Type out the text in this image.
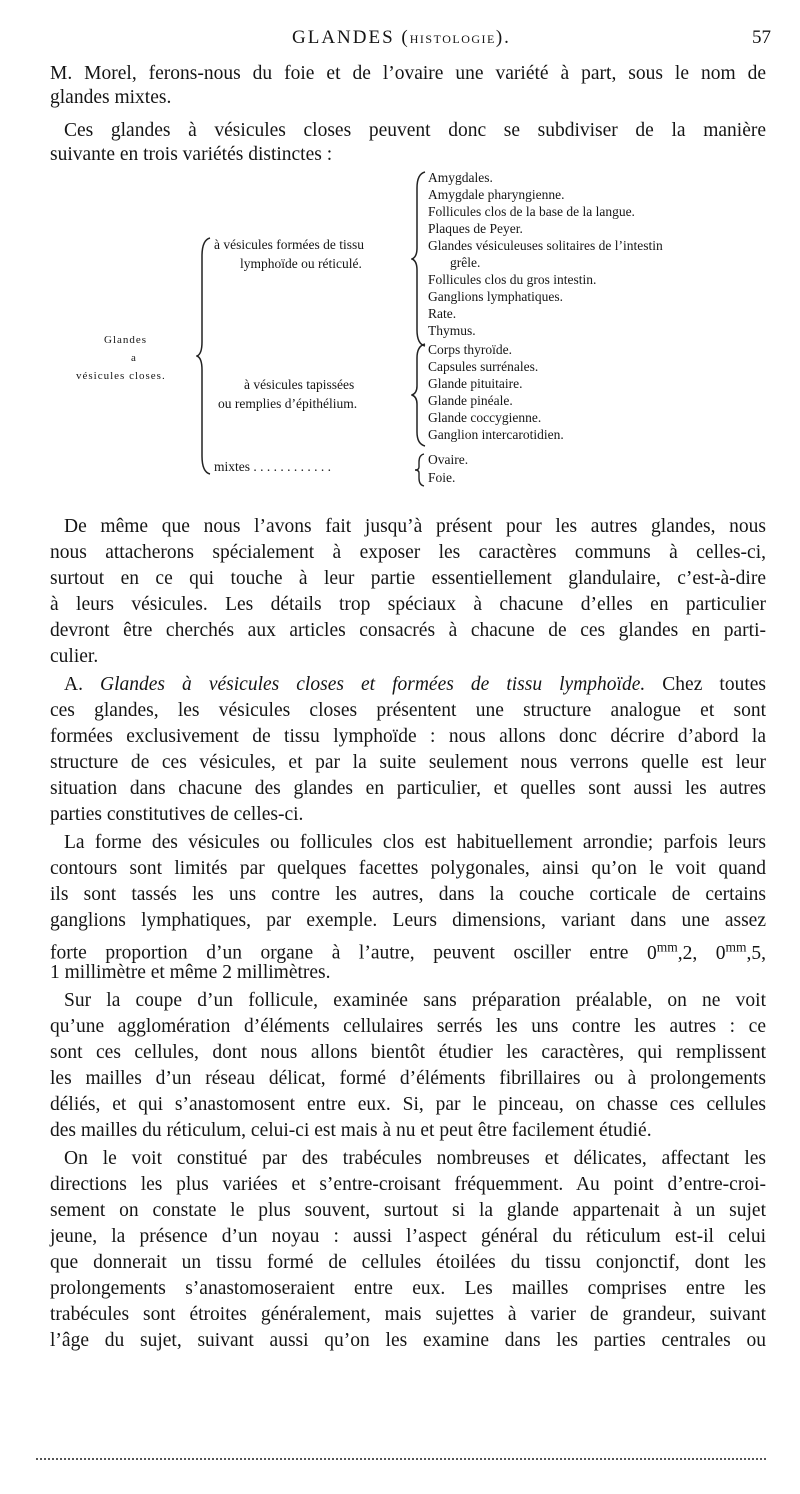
GLANDES (HISTOLOGIE).	57
M. Morel, ferons-nous du foie et de l’ovaire une variété à part, sous le nom de
glandes mixtes.
Ces glandes à vésicules closes peuvent donc se subdiviser de la manière
suivante en trois variétés distinctes :
Glandes
a
vésicules closes.
à vésicules formées de tissu
lymphoïde ou réticulé.
Amygdales.
Amygdale pharyngienne.
Follicules clos de la base de la langue.
Plaques de Peyer.
Glandes vésiculeuses solitaires de l’intestin
grêle.
Follicules clos du gros intestin.
Ganglions lymphatiques.
Rate.
Thymus.
à vésicules tapissées
ou remplies d’épithélium.
Corps thyroïde.
Capsules surrénales.
Glande pituitaire.
Glande pinéale.
Glande coccygienne.
Ganglion intercarotidien.
mixtes . . . . . . . . . . . .	Ovaire.
Foie.
De même que nous l’avons fait jusqu’à présent pour les autres glandes, nous
nous attacherons spécialement à exposer les caractères communs à celles-ci,
surtout en ce qui touche à leur partie essentiellement glandulaire, c’est-à-dire
à leurs vésicules. Les détails trop spéciaux à chacune d’elles en particulier
devront être cherchés aux articles consacrés à chacune de ces glandes en parti-
culier.
A. Glandes à vésicules closes et formées de tissu lymphoïde. Chez toutes
ces glandes, les vésicules closes présentent une structure analogue et sont
formées exclusivement de tissu lymphoïde : nous allons donc décrire d’abord la
structure de ces vésicules, et par la suite seulement nous verrons quelle est leur
situation dans chacune des glandes en particulier, et quelles sont aussi les autres
parties constitutives de celles-ci.
La forme des vésicules ou follicules clos est habituellement arrondie; parfois leurs
contours sont limités par quelques facettes polygonales, ainsi qu’on le voit quand
ils sont tassés les uns contre les autres, dans la couche corticale de certains
ganglions lymphatiques, par exemple. Leurs dimensions, variant dans une assez
forte proportion d’un organe à l’autre, peuvent osciller entre $0^{mm},2$, $0^{mm},5$,
1 millimètre et même 2 millimètres.
Sur la coupe d’un follicule, examinée sans préparation préalable, on ne voit
qu’une agglomération d’éléments cellulaires serrés les uns contre les autres : ce
sont ces cellules, dont nous allons bientôt étudier les caractères, qui remplissent
les mailles d’un réseau délicat, formé d’éléments fibrillaires ou à prolongements
déliés, et qui s’anastomosent entre eux. Si, par le pinceau, on chasse ces cellules
des mailles du réticulum, celui-ci est mais à nu et peut être facilement étudié.
On le voit constitué par des trabécules nombreuses et délicates, affectant les
directions les plus variées et s’entre-croisant fréquemment. Au point d’entre-croi-
sement on constate le plus souvent, surtout si la glande appartenait à un sujet
jeune, la présence d’un noyau : aussi l’aspect général du réticulum est-il celui
que donnerait un tissu formé de cellules étoilées du tissu conjonctif, dont les
prolongements s’anastomoseraient entre eux. Les mailles comprises entre les
trabécules sont étroites généralement, mais sujettes à varier de grandeur, suivant
l’âge du sujet, suivant aussi qu’on les examine dans les parties centrales ou
